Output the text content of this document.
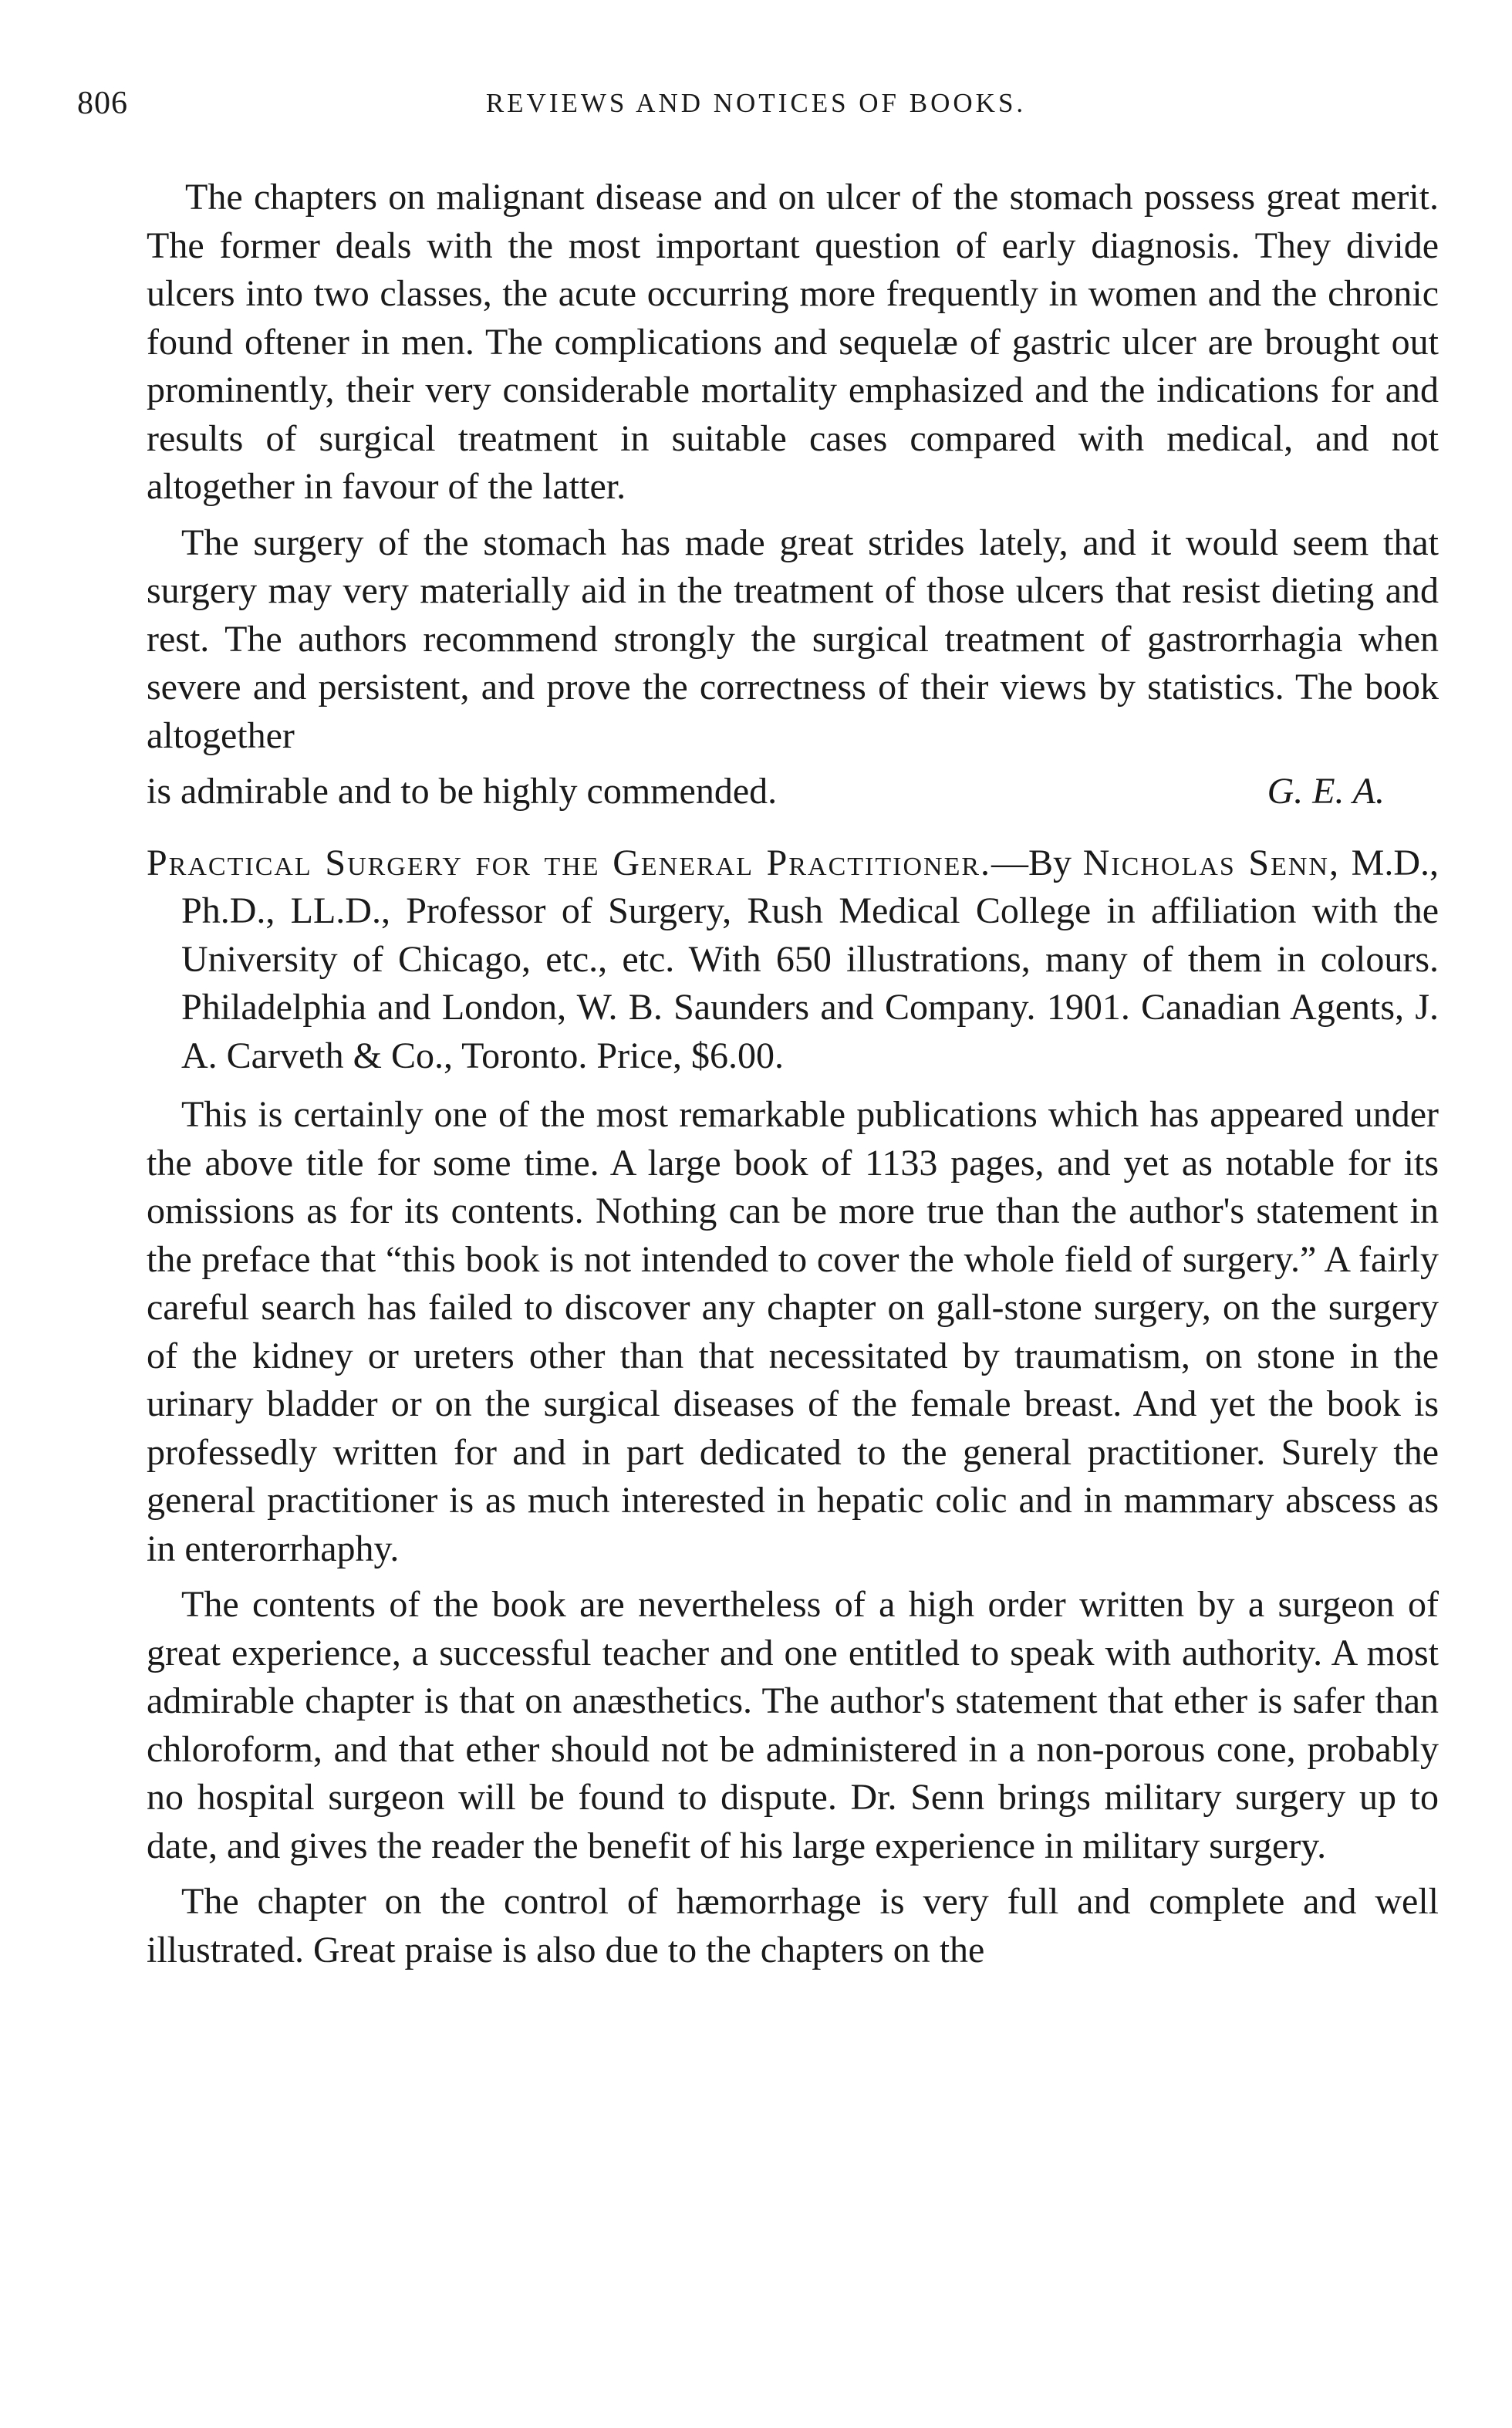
806	REVIEWS AND NOTICES OF BOOKS.

The chapters on malignant disease and on ulcer of the stomach possess great merit. The former deals with the most important question of early diagnosis. They divide ulcers into two classes, the acute occurring more frequently in women and the chronic found oftener in men. The complications and sequelæ of gastric ulcer are brought out prominently, their very considerable mortality emphasized and the indications for and results of surgical treatment in suitable cases compared with medical, and not altogether in favour of the latter.

The surgery of the stomach has made great strides lately, and it would seem that surgery may very materially aid in the treatment of those ulcers that resist dieting and rest. The authors recommend strongly the surgical treatment of gastrorrhagia when severe and persistent, and prove the correctness of their views by statistics. The book altogether

is admirable and to be highly commended.	G. E. A.

Practical Surgery for the General Practitioner.—By Nicholas Senn, M.D., Ph.D., LL.D., Professor of Surgery, Rush Medical College in affiliation with the University of Chicago, etc., etc. With 650 illustrations, many of them in colours. Philadelphia and London, W. B. Saunders and Company. 1901. Canadian Agents, J. A. Carveth & Co., Toronto. Price, $6.00.

This is certainly one of the most remarkable publications which has appeared under the above title for some time. A large book of 1133 pages, and yet as notable for its omissions as for its contents. Nothing can be more true than the author's statement in the preface that “this book is not intended to cover the whole field of surgery.” A fairly careful search has failed to discover any chapter on gall-stone surgery, on the surgery of the kidney or ureters other than that necessitated by traumatism, on stone in the urinary bladder or on the surgical diseases of the female breast. And yet the book is professedly written for and in part dedicated to the general practitioner. Surely the general practitioner is as much interested in hepatic colic and in mammary abscess as in enterorrhaphy.

The contents of the book are nevertheless of a high order written by a surgeon of great experience, a successful teacher and one entitled to speak with authority. A most admirable chapter is that on anæsthetics. The author's statement that ether is safer than chloroform, and that ether should not be administered in a non-porous cone, probably no hospital surgeon will be found to dispute. Dr. Senn brings military surgery up to date, and gives the reader the benefit of his large experience in military surgery.

The chapter on the control of hæmorrhage is very full and complete and well illustrated. Great praise is also due to the chapters on the
